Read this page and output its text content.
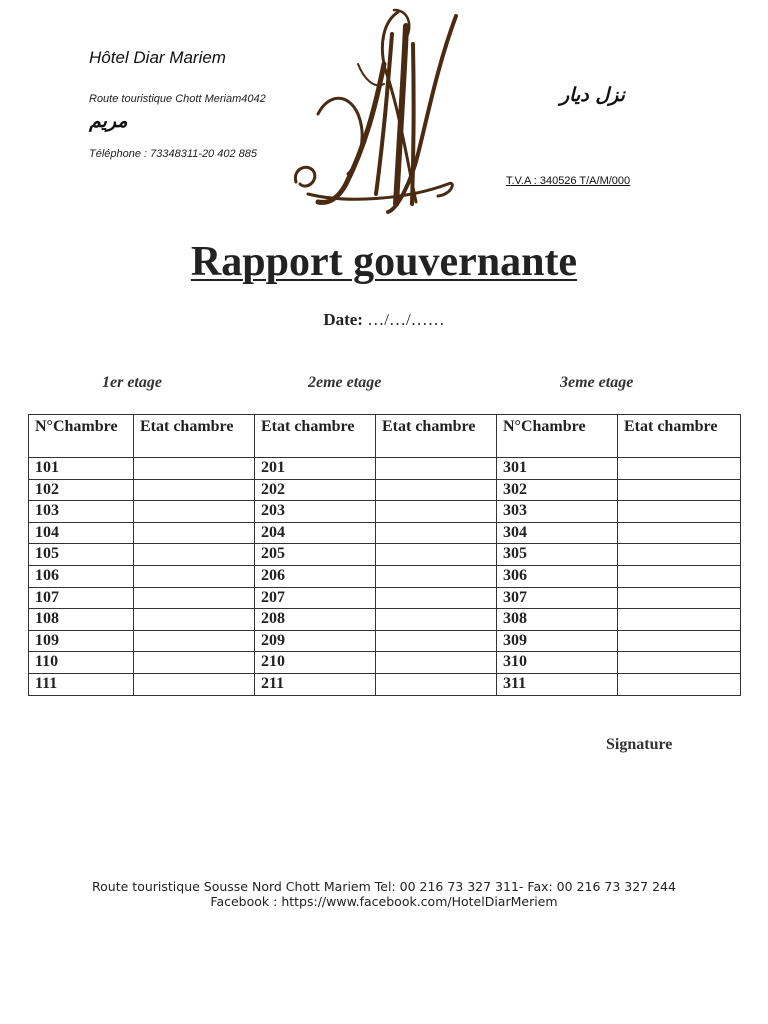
Hôtel Diar Mariem
Route touristique Chott Meriam4042
مريم
Téléphone : 73348311-20 402 885
نزل ديار
T.V.A : 340526 T/A/M/000
Rapport gouvernante
Date: …/…/……
1er etage	2eme etage	3eme etage
N°Chambre	Etat chambre	Etat chambre	Etat chambre	N°Chambre	Etat chambre
101		201		301	
102		202		302	
103		203		303	
104		204		304	
105		205		305	
106		206		306	
107		207		307	
108		208		308	
109		209		309	
110		210		310	
111		211		311	
Signature
Route touristique Sousse Nord Chott Mariem Tel: 00 216 73 327 311- Fax: 00 216 73 327 244
Facebook : https://www.facebook.com/HotelDiarMeriem
